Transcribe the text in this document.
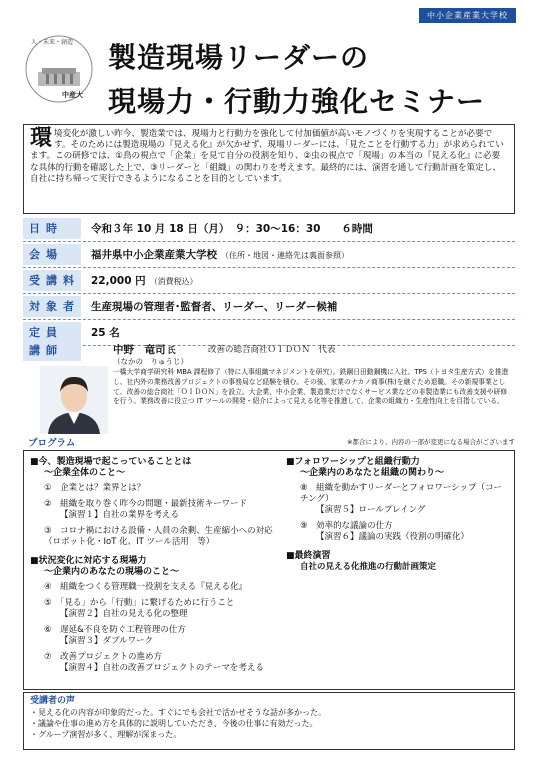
中小企業産業大学校
人・未来・創造
中産大
製造現場リーダーの
現場力・行動力強化セミナー
環 境変化が激しい昨今、製造業では、現場力と行動力を強化して付加価値が高いモノづくりを実現することが必要です。そのためには製造現場の『見える化』が欠かせず、現場リーダーには、「見たことを行動する力」が求められています。この研修では、①鳥の視点で「企業」を見て自分の役割を知り、②虫の視点で「現場」の本当の『見える化』に必要な具体的行動を確認した上で、③リーダーと「組織」の関わりを考えます。最終的には、演習を通して行動計画を策定し、自社に持ち帰って実行できるようになることを目的としています。
日時	令和３年 10 月 18 日（月）　９：30～16：30　　６時間
会場	福井県中小企業産業大学校 （住所・地図・連絡先は裏面参照）
受講料 22,000 円 （消費税込）
対象者 生産現場の管理者･監督者、リーダー、リーダー候補
定員	25 名
講師	中野　竜司 氏	改善の総合商社ＯＩＤＯＮ　代表
（なかの　りゅうじ）
一橋大学商学研究科 MBA 課程修了（特に人事組織マネジメントを研究）。鉄鋼日田動鋼機に入社。TPS（トヨタ生産方式）を推進し、社内外の業務改善プロジェクトの事務局など経験を積む。その後、家業のナカノ商事(株)を継ぐため退職。その新規事業として、改善の総合商社「ＯＩＤＯＮ」を設立。大企業、中小企業、製造業だけでなくサービス業などの非製造業にも改善支援や研修を行う。業務改善に役立つ IT ツールの開発・紹介によって見える化等を推進して、企業の組織力・生産性向上を目指している。
プログラム	※都合により、内容の一部が変更になる場合がございます
■今、製造現場で起こっていることとは
～企業全体のこと～
①　企業とは？業界とは？
②　組織を取り巻く昨今の問題・最新技術キーワード
【演習１】自社の業界を考える
③　コロナ禍における設備・人員の余剰、生産縮小への対応（ロボット化・IoT 化、IT ツール活用　等）
■状況変化に対応する現場力
～企業内のあなたの現場のこと～
④　組織をつくる管理職一役割を支える『見える化』
⑤　「見る」から「行動」に繋げるために行うこと
【演習２】自社の見える化の整理
⑥　遅延&不良を防ぐ工程管理の仕方
【演習３】ダブルワーク
⑦　改善プロジェクトの進め方
【演習４】自社の改善プロジェクトのテーマを考える
■フォロワーシップと組織行動力
～企業内のあなたと組織の関わり～
⑧　組織を動かすリーダーとフォロワーシップ（コーチング）
【演習５】ロールプレイング
⑨　効率的な議論の仕方
【演習６】議論の実践（役割の明確化）
■最終演習
自社の見える化推進の行動計画策定
受講者の声
・見える化の内容が印象的だった。すぐにでも会社で活かせそうな話が多かった。
・議論や仕事の進め方を具体的に説明していただき、今後の仕事に有効だった。
・グループ演習が多く、理解が深まった。
